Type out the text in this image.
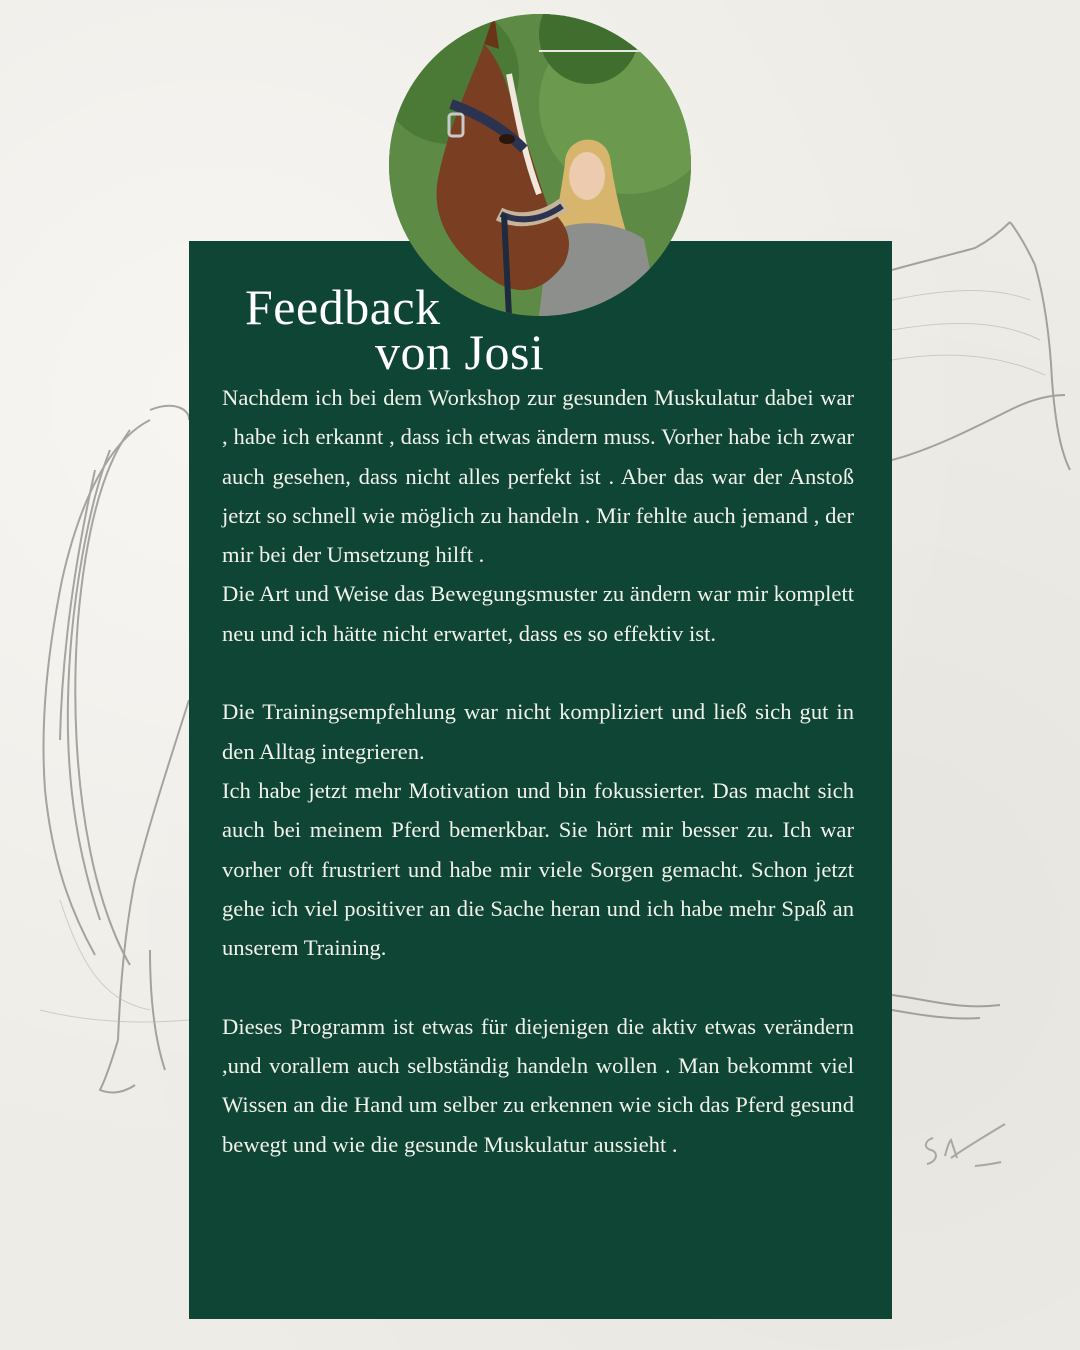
Feedback
von Josi

Nachdem ich bei dem Workshop zur gesunden Muskulatur dabei war , habe ich erkannt , dass ich etwas ändern muss. Vorher habe ich zwar auch gesehen, dass nicht alles perfekt ist . Aber das war der Anstoß jetzt so schnell wie möglich zu handeln . Mir fehlte auch jemand , der mir bei der Umsetzung hilft .

Die Art und Weise das Bewegungsmuster zu ändern war mir komplett neu und ich hätte nicht erwartet, dass es so effektiv ist.

Die Trainingsempfehlung war nicht kompliziert und ließ sich gut in den Alltag integrieren.

Ich habe jetzt mehr Motivation und bin fokussierter. Das macht sich auch bei meinem Pferd bemerkbar. Sie hört mir besser zu. Ich war vorher oft frustriert und habe mir viele Sorgen gemacht. Schon jetzt gehe ich viel positiver an die Sache heran und ich habe mehr Spaß an unserem Training.

Dieses Programm ist etwas für diejenigen die aktiv etwas verändern ,und vorallem auch selbständig handeln wollen . Man bekommt viel Wissen an die Hand um selber zu erkennen wie sich das Pferd gesund bewegt und wie die gesunde Muskulatur aussieht .
